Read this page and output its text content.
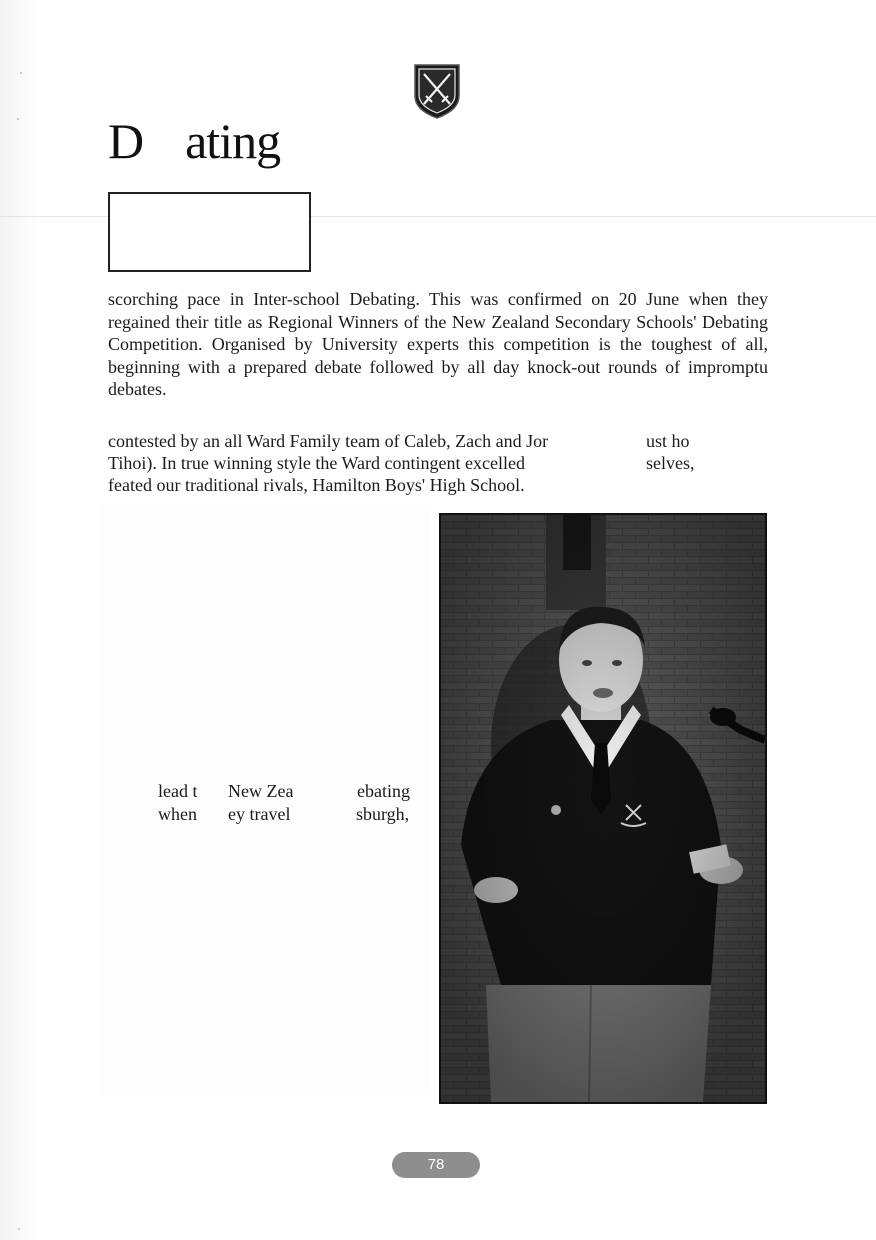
D ating

scorching pace in Inter-school Debating. This was confirmed on 20 June when they regained their title as Regional Winners of the New Zealand Secondary Schools' Debating Competition. Organised by University experts this competition is the toughest of all, beginning with a prepared debate followed by all day knock-out rounds of impromptu debates.

contested by an all Ward Family team of Caleb, Zach and Jor	ust ho

Tihoi). In true winning style the Ward contingent excelled	selves,

feated our traditional rivals, Hamilton Boys' High School.

lead t New Zea	ebating

when ey travel	sburgh,

78
